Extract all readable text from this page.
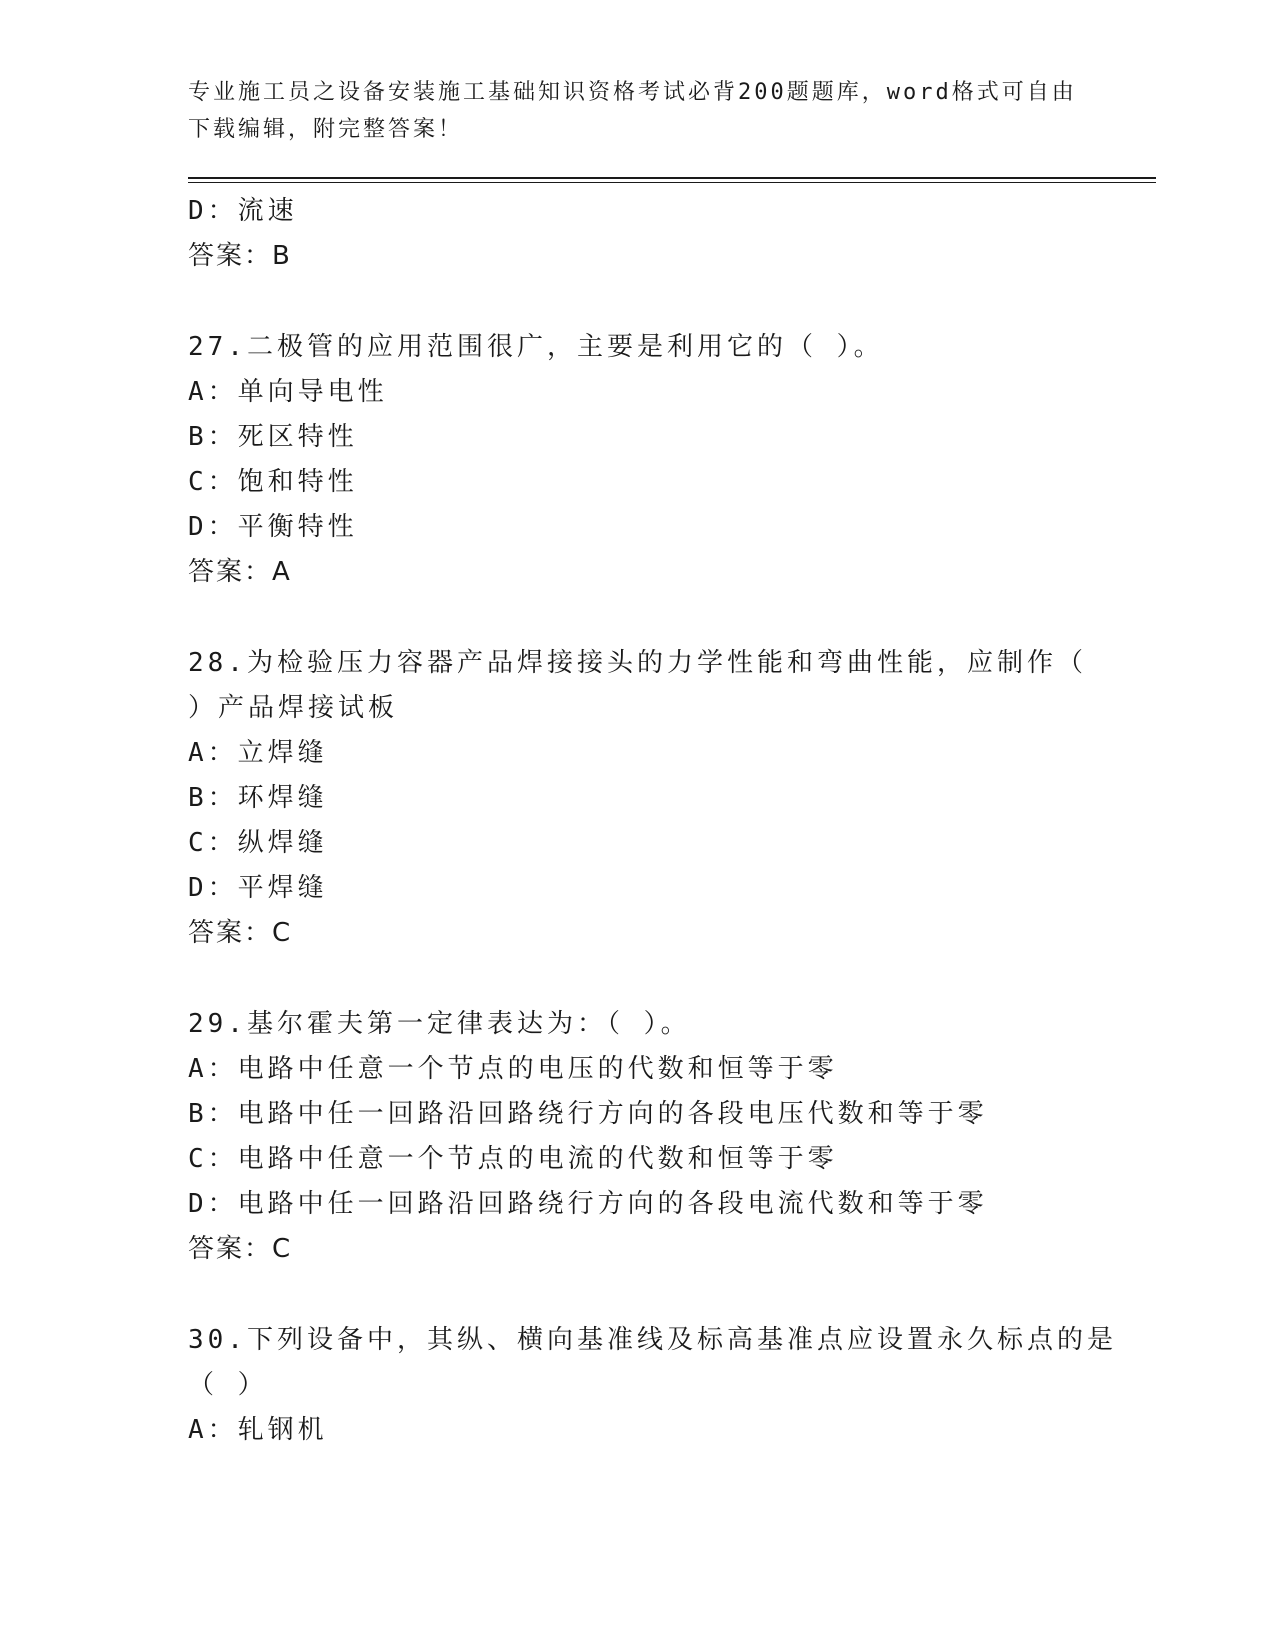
专业施工员之设备安装施工基础知识资格考试必背200题题库，word格式可自由
下载编辑，附完整答案！
D：流速
答案：B
27.二极管的应用范围很广，主要是利用它的（ ）。
A：单向导电性
B：死区特性
C：饱和特性
D：平衡特性
答案：A
28.为检验压力容器产品焊接接头的力学性能和弯曲性能，应制作（
）产品焊接试板
A：立焊缝
B：环焊缝
C：纵焊缝
D：平焊缝
答案：C
29.基尔霍夫第一定律表达为：（ ）。
A：电路中任意一个节点的电压的代数和恒等于零
B：电路中任一回路沿回路绕行方向的各段电压代数和等于零
C：电路中任意一个节点的电流的代数和恒等于零
D：电路中任一回路沿回路绕行方向的各段电流代数和等于零
答案：C
30.下列设备中，其纵、横向基准线及标高基准点应设置永久标点的是
（ ）
A：轧钢机
